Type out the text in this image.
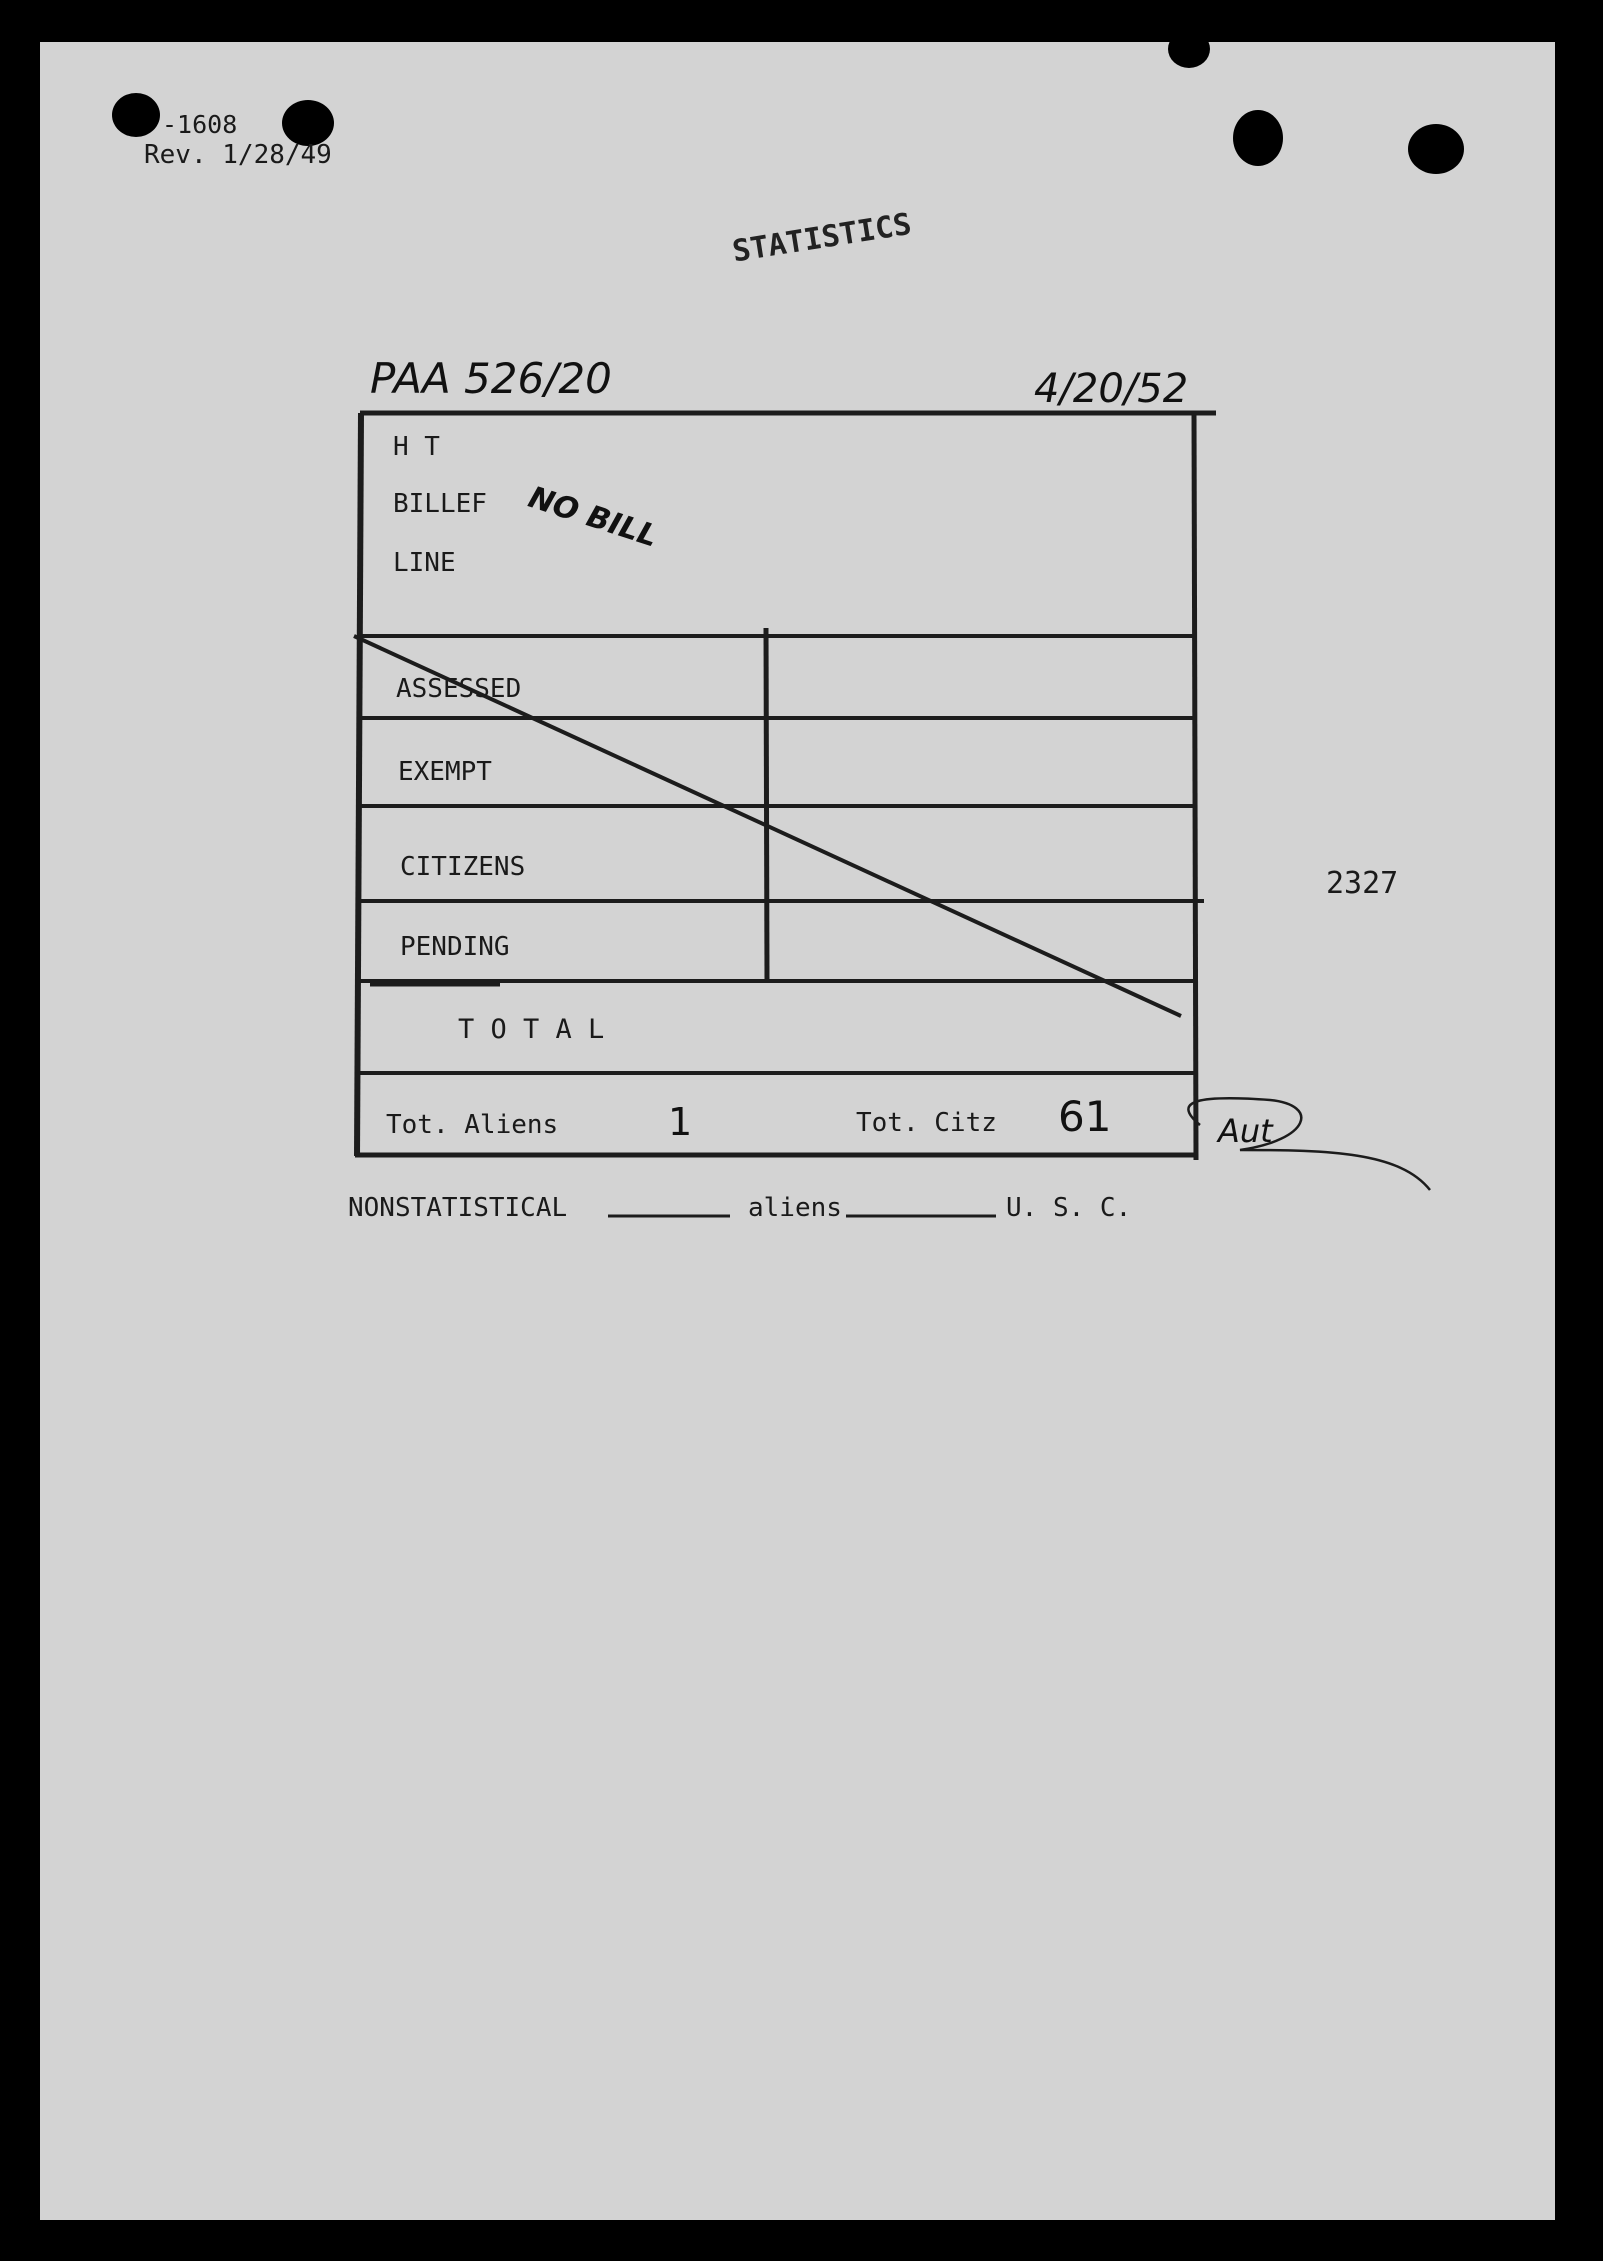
-1608
Rev. 1/28/49
STATISTICS
PAA 526/20	4/20/52
H T
BILLEF
LINE
NO BILL
ASSESSED
EXEMPT
CITIZENS
PENDING
T O T A L
Tot. Aliens	1	Tot. Citz 61	Aut
2327
NONSTATISTICAL	aliens	U. S. C.
